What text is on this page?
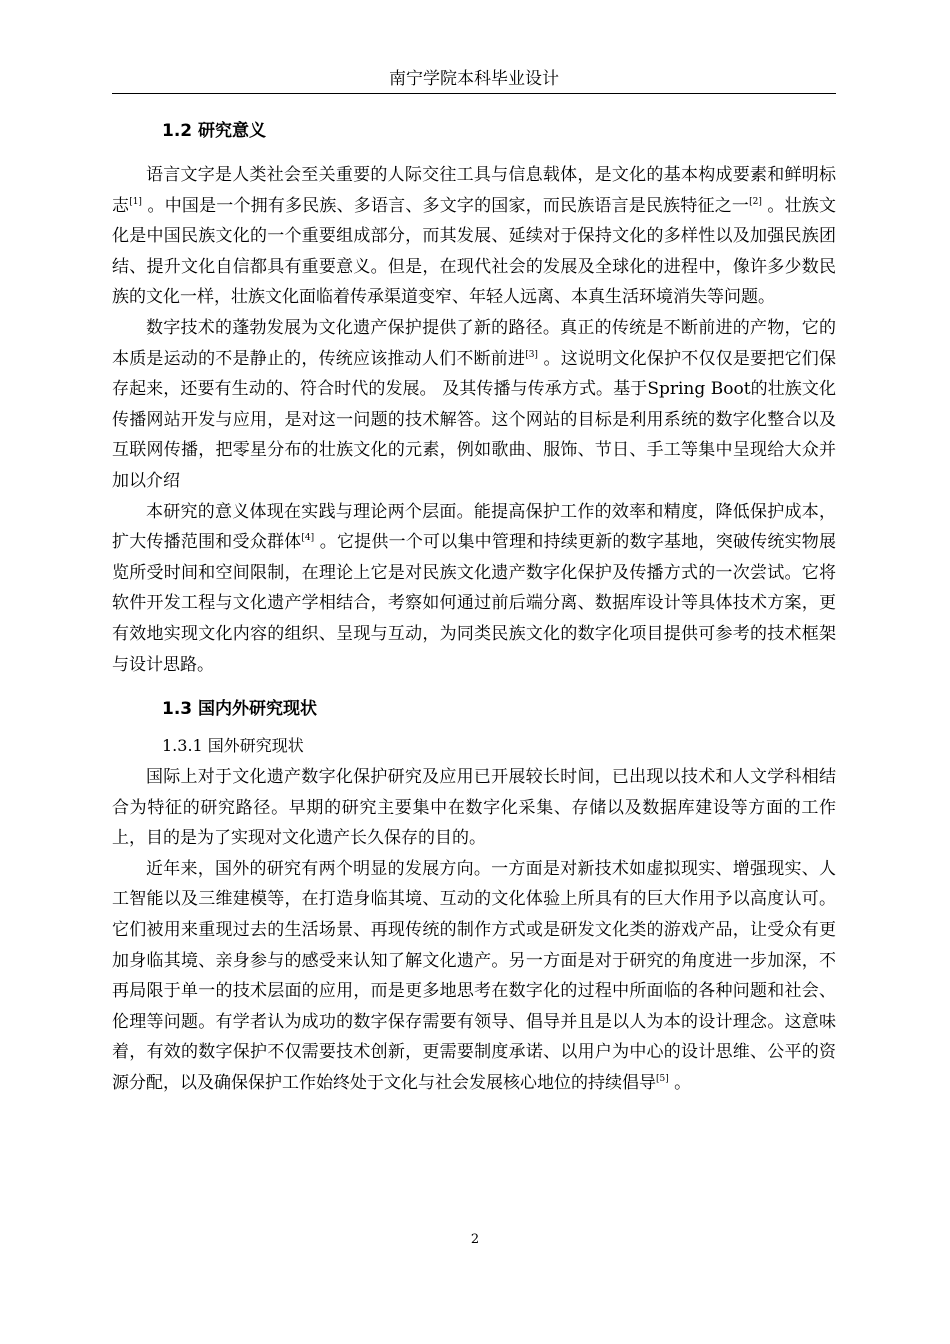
南宁学院本科毕业设计
1.2 研究意义

语言文字是人类社会至关重要的人际交往工具与信息载体，是文化的基本构成要素和鲜明标志[1] 。中国是一个拥有多民族、多语言、多文字的国家，而民族语言是民族特征之一[2] 。壮族文化是中国民族文化的一个重要组成部分，而其发展、延续对于保持文化的多样性以及加强民族团结、提升文化自信都具有重要意义。但是，在现代社会的发展及全球化的进程中，像许多少数民族的文化一样，壮族文化面临着传承渠道变窄、年轻人远离、本真生活环境消失等问题。

数字技术的蓬勃发展为文化遗产保护提供了新的路径。真正的传统是不断前进的产物，它的本质是运动的不是静止的，传统应该推动人们不断前进[3] 。这说明文化保护不仅仅是要把它们保存起来，还要有生动的、符合时代的发展。 及其传播与传承方式。基于Spring Boot的壮族文化传播网站开发与应用，是对这一问题的技术解答。这个网站的目标是利用系统的数字化整合以及互联网传播，把零星分布的壮族文化的元素，例如歌曲、服饰、节日、手工等集中呈现给大众并加以介绍

本研究的意义体现在实践与理论两个层面。能提高保护工作的效率和精度，降低保护成本，扩大传播范围和受众群体[4] 。它提供一个可以集中管理和持续更新的数字基地，突破传统实物展览所受时间和空间限制，在理论上它是对民族文化遗产数字化保护及传播方式的一次尝试。它将软件开发工程与文化遗产学相结合，考察如何通过前后端分离、数据库设计等具体技术方案，更有效地实现文化内容的组织、呈现与互动，为同类民族文化的数字化项目提供可参考的技术框架与设计思路。

1.3 国内外研究现状

1.3.1 国外研究现状

国际上对于文化遗产数字化保护研究及应用已开展较长时间，已出现以技术和人文学科相结合为特征的研究路径。早期的研究主要集中在数字化采集、存储以及数据库建设等方面的工作上，目的是为了实现对文化遗产长久保存的目的。

近年来，国外的研究有两个明显的发展方向。一方面是对新技术如虚拟现实、增强现实、人工智能以及三维建模等，在打造身临其境、互动的文化体验上所具有的巨大作用予以高度认可。它们被用来重现过去的生活场景、再现传统的制作方式或是研发文化类的游戏产品，让受众有更加身临其境、亲身参与的感受来认知了解文化遗产。另一方面是对于研究的角度进一步加深，不再局限于单一的技术层面的应用，而是更多地思考在数字化的过程中所面临的各种问题和社会、伦理等问题。有学者认为成功的数字保存需要有领导、倡导并且是以人为本的设计理念。这意味着，有效的数字保护不仅需要技术创新，更需要制度承诺、以用户为中心的设计思维、公平的资源分配，以及确保保护工作始终处于文化与社会发展核心地位的持续倡导[5] 。

2
